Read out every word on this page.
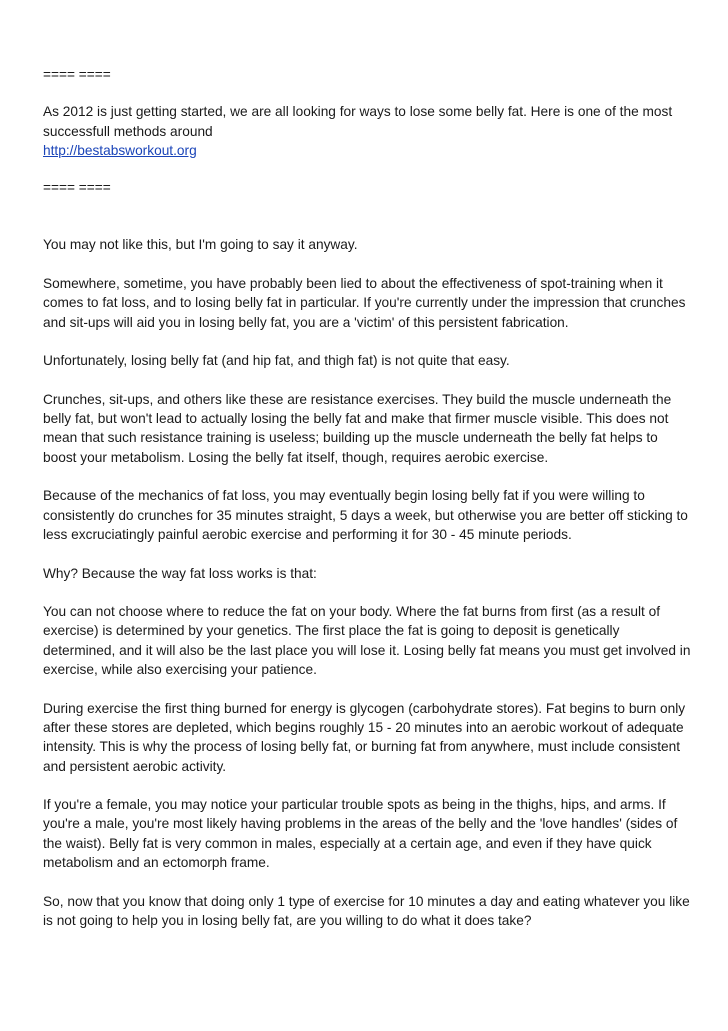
==== ====

As 2012 is just getting started, we are all looking for ways to lose some belly fat. Here is one of the most successfull methods around
http://bestabsworkout.org

==== ====

You may not like this, but I'm going to say it anyway.

Somewhere, sometime, you have probably been lied to about the effectiveness of spot-training when it comes to fat loss, and to losing belly fat in particular. If you're currently under the impression that crunches and sit-ups will aid you in losing belly fat, you are a 'victim' of this persistent fabrication.

Unfortunately, losing belly fat (and hip fat, and thigh fat) is not quite that easy.

Crunches, sit-ups, and others like these are resistance exercises. They build the muscle underneath the belly fat, but won't lead to actually losing the belly fat and make that firmer muscle visible. This does not mean that such resistance training is useless; building up the muscle underneath the belly fat helps to boost your metabolism. Losing the belly fat itself, though, requires aerobic exercise.

Because of the mechanics of fat loss, you may eventually begin losing belly fat if you were willing to consistently do crunches for 35 minutes straight, 5 days a week, but otherwise you are better off sticking to less excruciatingly painful aerobic exercise and performing it for 30 - 45 minute periods.

Why? Because the way fat loss works is that:

You can not choose where to reduce the fat on your body. Where the fat burns from first (as a result of exercise) is determined by your genetics. The first place the fat is going to deposit is genetically determined, and it will also be the last place you will lose it. Losing belly fat means you must get involved in exercise, while also exercising your patience.

During exercise the first thing burned for energy is glycogen (carbohydrate stores). Fat begins to burn only after these stores are depleted, which begins roughly 15 - 20 minutes into an aerobic workout of adequate intensity. This is why the process of losing belly fat, or burning fat from anywhere, must include consistent and persistent aerobic activity.

If you're a female, you may notice your particular trouble spots as being in the thighs, hips, and arms. If you're a male, you're most likely having problems in the areas of the belly and the 'love handles' (sides of the waist). Belly fat is very common in males, especially at a certain age, and even if they have quick metabolism and an ectomorph frame.

So, now that you know that doing only 1 type of exercise for 10 minutes a day and eating whatever you like is not going to help you in losing belly fat, are you willing to do what it does take?
